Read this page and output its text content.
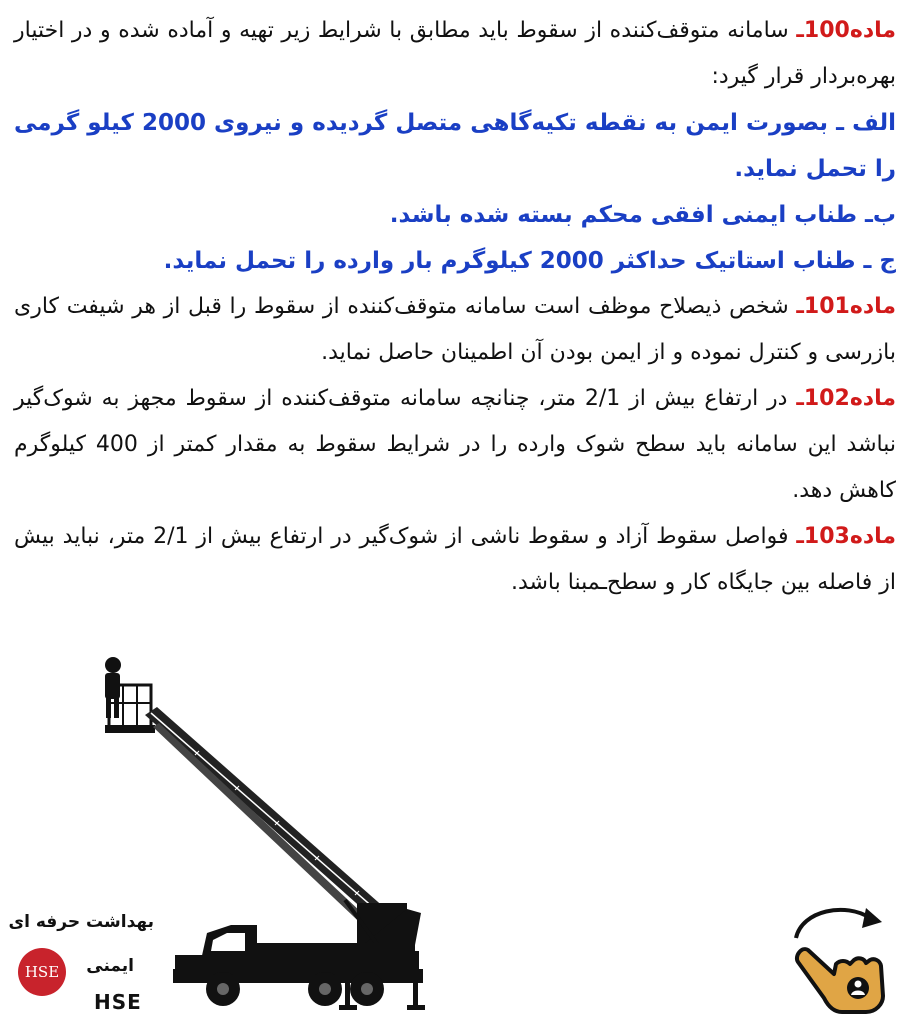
ماده100ـ سامانه متوقف‌کننده از سقوط باید مطابق با شرایط زیر تهیه و آماده شده و در اختیار بهره‌بردار قرار گیرد:

الف ـ بصورت ایمن به نقطه تکیه‌گاهی متصل گردیده و نیروی 2000 کیلو گرمی را تحمل نماید.

ب‌ـ طناب ایمنی افقی محکم بسته شده باشد.

ج ـ طناب استاتیک حداکثر 2000 کیلوگرم بار وارده را تحمل نماید.

ماده101ـ شخص ذیصلاح موظف است سامانه متوقف‌کننده از سقوط را قبل از هر شیفت کاری بازرسی و کنترل نموده و از ایمن بودن آن اطمینان حاصل نماید.

ماده102ـ در ارتفاع بیش از 2/1 متر، چنانچه سامانه متوقف‌کننده از سقوط مجهز به شوک‌گیر نباشد این سامانه باید سطح شوک وارده را در شرایط سقوط به مقدار کمتر از 400 کیلوگرم کاهش دهد.

ماده103ـ فواصل سقوط آزاد و سقوط ناشی از شوک‌گیر در ارتفاع بیش از 2/1 متر، نباید بیش از فاصله بین جایگاه کار و سطح‌ـمبنا باشد.

بهداشت حرفه ای
HSE	ایمنی
HSE
